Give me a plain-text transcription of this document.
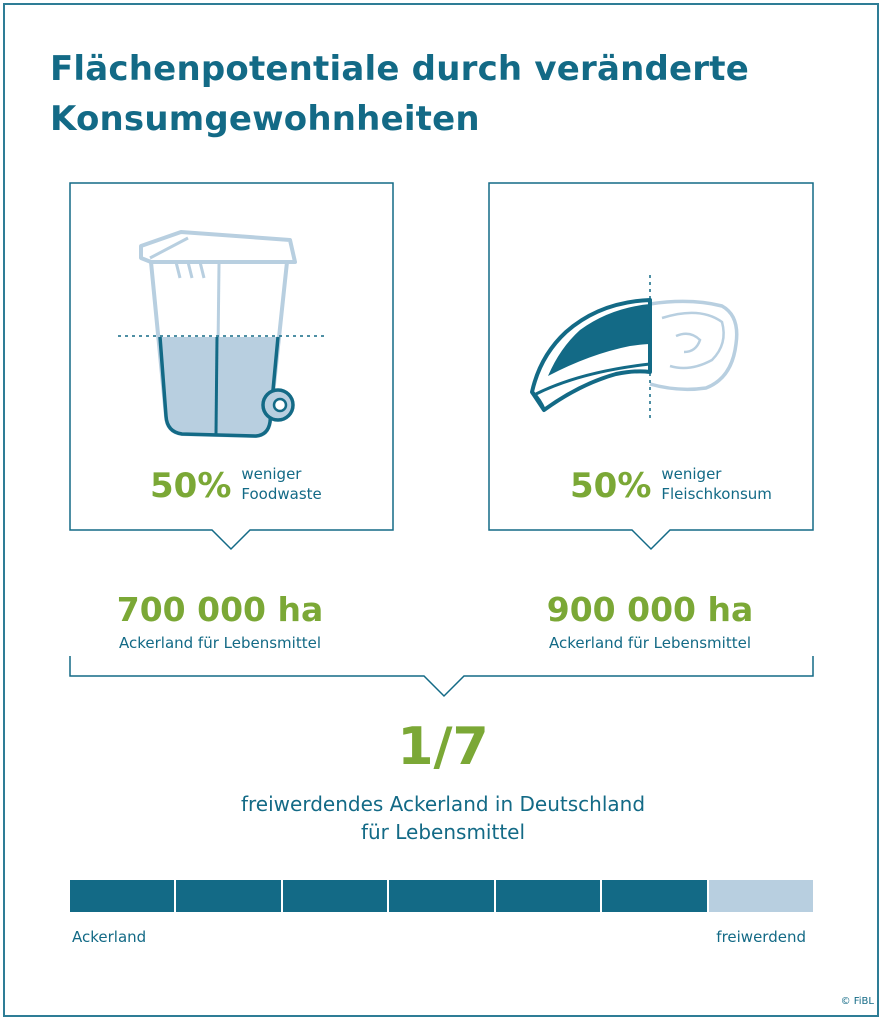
Flächenpotentiale durch veränderte
Konsumgewohnheiten
50% weniger
Foodwaste	50% weniger
Fleischkonsum
700 000 ha
Ackerland für Lebensmittel
900 000 ha
Ackerland für Lebensmittel
1/7
freiwerdendes Ackerland in Deutschland
für Lebensmittel
Ackerland	freiwerdend
© FiBL
